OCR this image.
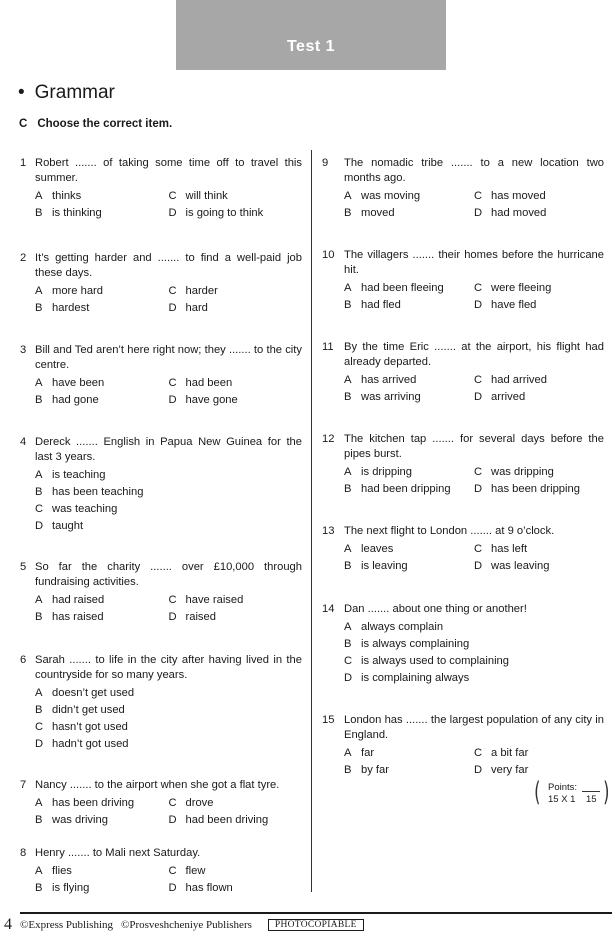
Test 1
• Grammar
C Choose the correct item.
1 Robert ....... of taking some time off to travel this summer.
A thinks	C will think
B is thinking	D is going to think
2 It’s getting harder and ....... to find a well-paid job these days.
A more hard	C harder
B hardest	D hard
3 Bill and Ted aren’t here right now; they ....... to the city centre.
A have been	C had been
B had gone	D have gone
4 Dereck ....... English in Papua New Guinea for the last 3 years.
A is teaching
B has been teaching
C was teaching
D taught
5 So far the charity ....... over £10,000 through fundraising activities.
A had raised	C have raised
B has raised	D raised
6 Sarah ....... to life in the city after having lived in the countryside for so many years.
A doesn’t get used
B didn’t get used
C hasn’t got used
D hadn’t got used
7 Nancy ....... to the airport when she got a flat tyre.
A has been driving	C drove
B was driving	D had been driving
8 Henry ....... to Mali next Saturday.
A flies	C flew
B is flying	D has flown
9	The nomadic tribe ....... to a new location two months ago.
A was moving	C has moved
B moved	D had moved
10 The villagers ....... their homes before the hurricane hit.
A had been fleeing	C were fleeing
B had fled	D have fled
11 By the time Eric ....... at the airport, his flight had already departed.
A has arrived	C had arrived
B was arriving	D arrived
12 The kitchen tap ....... for several days before the pipes burst.
A is dripping	C was dripping
B had been dripping D has been dripping
13 The next flight to London ....... at 9 o’clock.
A leaves	C has left
B is leaving	D was leaving
14 Dan ....... about one thing or another!
A always complain
B is always complaining
C is always used to complaining
D is complaining always
15 London has ....... the largest population of any city in England.
A far	C a bit far
B by far	D very far
( Points:
15 X 1 15 )
4 ©Express Publishing ©Prosveshcheniye Publishers	PHOTOCOPIABLE
